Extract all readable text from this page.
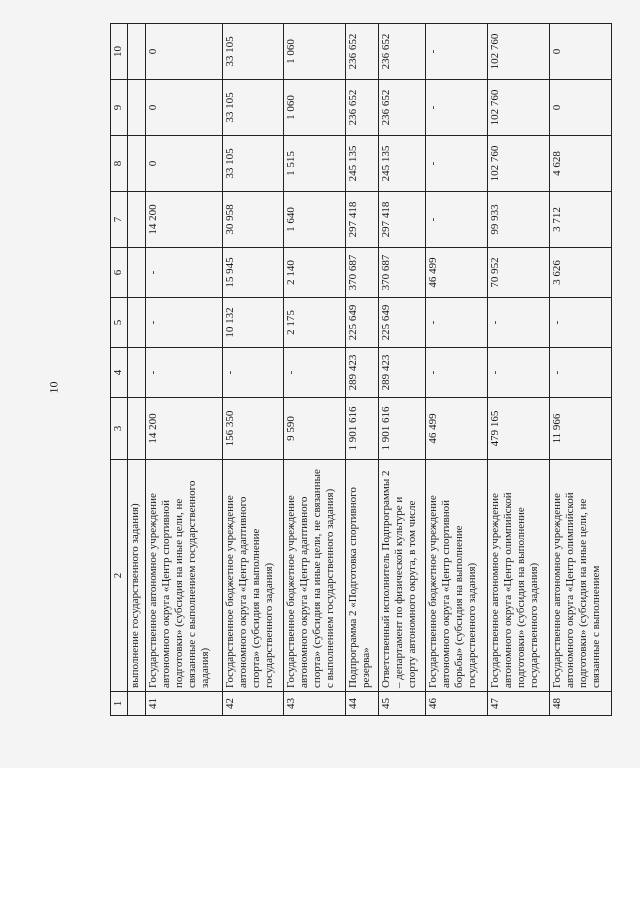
10
1	2	3	4	5	6	7	8	9	10
	выполнение государственного задания)								
41	Государственное автономное учреждение автономного округа «Центр спортивной подготовки» (субсидия на иные цели, не связанные с выполнением государственного задания)	14 200	-	-	-	14 200	0	0	0
42	Государственное бюджетное учреждение автономного округа «Центр адаптивного спорта» (субсидия на выполнение государственного задания)	156 350	-	10 132	15 945	30 958	33 105	33 105	33 105
43	Государственное бюджетное учреждение автономного округа «Центр адаптивного спорта» (субсидия на иные цели, не связанные с выполнением государственного задания)	9 590	-	2 175	2 140	1 640	1 515	1 060	1 060
44	Подпрограмма 2 «Подготовка спортивного резерва»	1 901 616	289 423	225 649	370 687	297 418	245 135	236 652	236 652
45	Ответственный исполнитель Подпрограммы 2 – департамент по физической культуре и спорту автономного округа, в том числе	1 901 616	289 423	225 649	370 687	297 418	245 135	236 652	236 652
46	Государственное бюджетное учреждение автономного округа «Центр спортивной борьбы» (субсидия на выполнение государственного задания)	46 499	-	-	46 499	-	-	-	-
47	Государственное автономное учреждение автономного округа «Центр олимпийской подготовки» (субсидия на выполнение государственного задания)	479 165	-	-	70 952	99 933	102 760	102 760	102 760
48	Государственное автономное учреждение автономного округа «Центр олимпийской подготовки» (субсидия на иные цели, не связанные с выполнением	11 966	-	-	3 626	3 712	4 628	0	0
